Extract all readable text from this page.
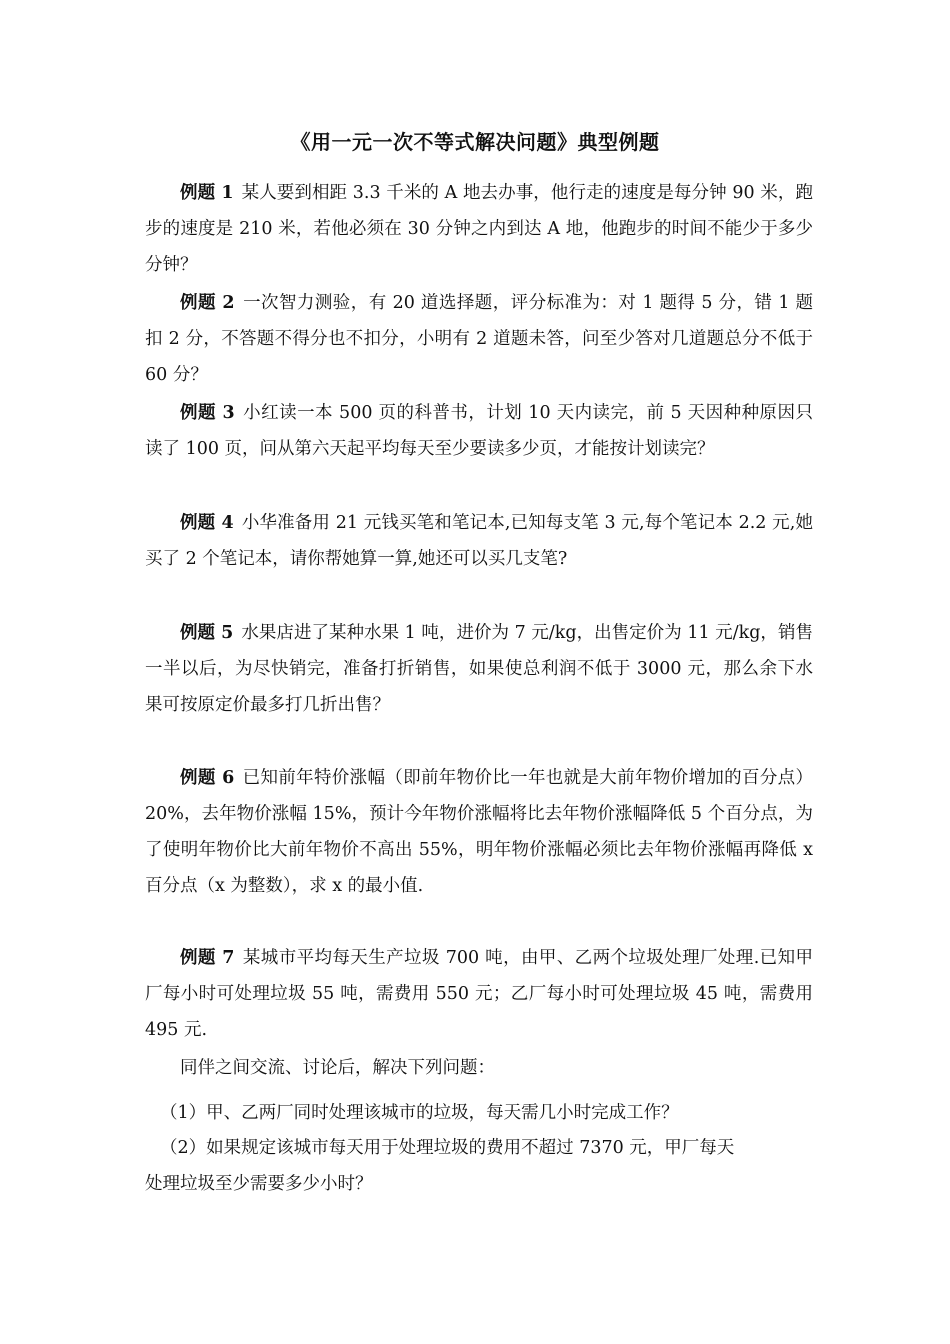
《用一元一次不等式解决问题》典型例题
例题 1 某人要到相距 3.3 千米的 A 地去办事，他行走的速度是每分钟 90 米，跑步的速度是 210 米，若他必须在 30 分钟之内到达 A 地，他跑步的时间不能少于多少分钟？
例题 2 一次智力测验，有 20 道选择题，评分标准为：对 1 题得 5 分，错 1 题扣 2 分，不答题不得分也不扣分，小明有 2 道题未答，问至少答对几道题总分不低于 60 分？
例题 3 小红读一本 500 页的科普书，计划 10 天内读完，前 5 天因种种原因只读了 100 页，问从第六天起平均每天至少要读多少页，才能按计划读完？
例题 4 小华准备用 21 元钱买笔和笔记本,已知每支笔 3 元,每个笔记本 2.2 元,她买了 2 个笔记本，请你帮她算一算,她还可以买几支笔?
例题 5 水果店进了某种水果 1 吨，进价为 7 元/kg，出售定价为 11 元/kg，销售一半以后，为尽快销完，准备打折销售，如果使总利润不低于 3000 元，那么余下水果可按原定价最多打几折出售？
例题 6 已知前年特价涨幅（即前年物价比一年也就是大前年物价增加的百分点）20%，去年物价涨幅 15%，预计今年物价涨幅将比去年物价涨幅降低 5 个百分点，为了使明年物价比大前年物价不高出 55%，明年物价涨幅必须比去年物价涨幅再降低 x 百分点（x 为整数），求 x 的最小值.
例题 7 某城市平均每天生产垃圾 700 吨，由甲、乙两个垃圾处理厂处理.已知甲厂每小时可处理垃圾 55 吨，需费用 550 元；乙厂每小时可处理垃圾 45 吨，需费用 495 元.
同伴之间交流、讨论后，解决下列问题：
（1）甲、乙两厂同时处理该城市的垃圾，每天需几小时完成工作？
（2）如果规定该城市每天用于处理垃圾的费用不超过 7370 元，甲厂每天
处理垃圾至少需要多少小时？
